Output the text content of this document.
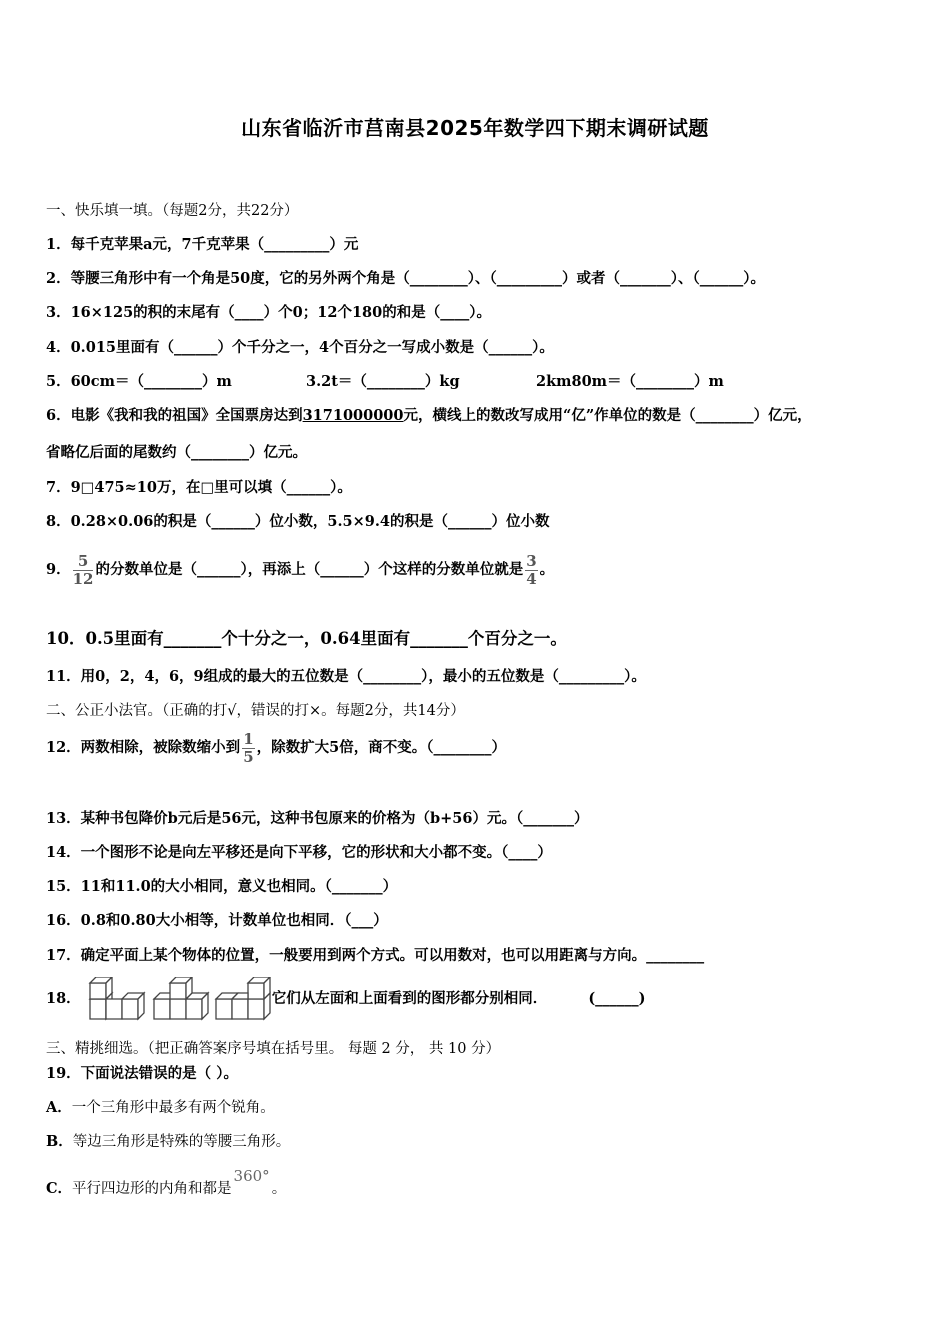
山东省临沂市莒南县2025年数学四下期末调研试题
一、快乐填一填。（每题2分，共22分）
1．每千克苹果a元，7千克苹果（_________）元
2．等腰三角形中有一个角是50度，它的另外两个角是（________）、（_________）或者（_______）、（______）。
3．16×125的积的末尾有（____）个0；12个180的和是（____）。
4．0.015里面有（______）个千分之一，4个百分之一写成小数是（______）。
5．60cm＝（________）m	3.2t＝（________）kg	2km80m＝（________）m
6．电影《我和我的祖国》全国票房达到3171000000元，横线上的数改写成用“亿”作单位的数是（________）亿元，
省略亿后面的尾数约（________）亿元。
7．9□475≈10万，在□里可以填（______）。
8．0.28×0.06的积是（______）位小数，5.5×9.4的积是（______）位小数
9． $\frac{5}{12}$ 的分数单位是（______），再添上（______）个这样的分数单位就是 $\frac{3}{4}$ 。
10．0.5里面有_______个十分之一，0.64里面有_______个百分之一。
11．用0，2，4，6，9组成的最大的五位数是（________），最小的五位数是（_________）。
二、公正小法官。（正确的打√，错误的打×。每题2分，共14分）
12．两数相除，被除数缩小到 $\frac{1}{5}$ ，除数扩大5倍，商不变。（________）
13．某种书包降价b元后是56元，这种书包原来的价格为（b+56）元。（_______）
14．一个图形不论是向左平移还是向下平移，它的形状和大小都不变。（____）
15．11和11.0的大小相同，意义也相同。（_______）
16．0.8和0.80大小相等，计数单位也相同．（___）
17．确定平面上某个物体的位置，一般要用到两个方式。可以用数对，也可以用距离与方向。________
18．	它们从左面和上面看到的图形都分别相同．	(______)
三、精挑细选。（把正确答案序号填在括号里。 每题 2 分， 共 10 分）
19．下面说法错误的是（ ）。
A．一个三角形中最多有两个锐角。
B．等边三角形是特殊的等腰三角形。
C．平行四边形的内角和都是360°。
